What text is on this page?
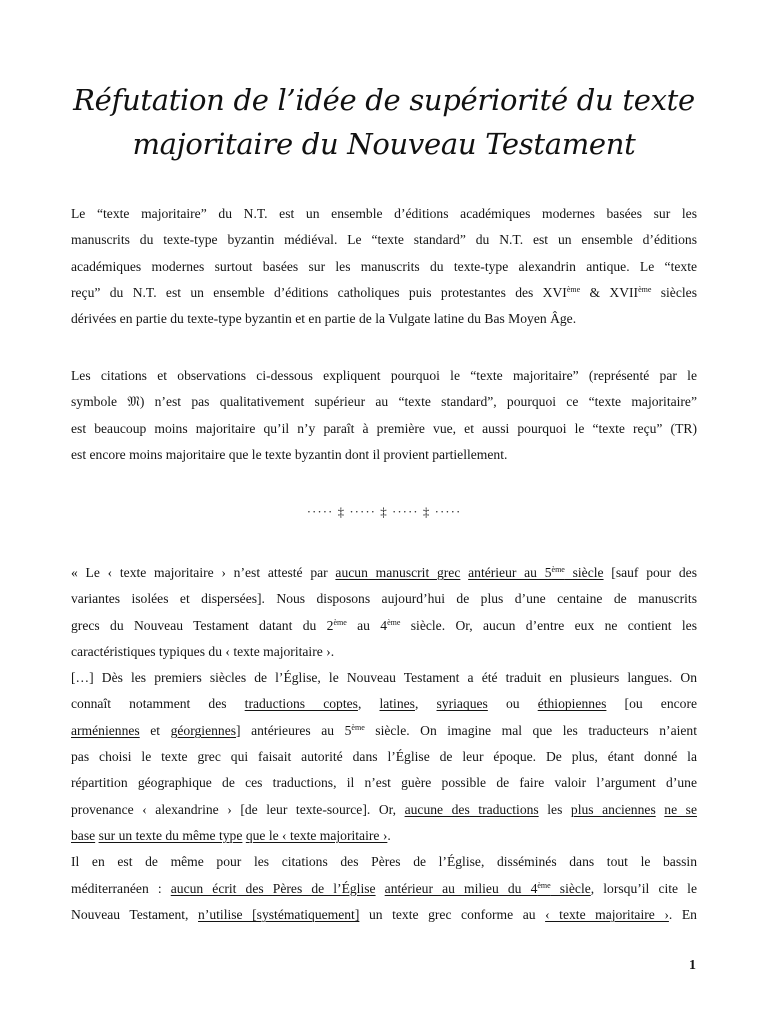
Réfutation de l’idée de supériorité du texte
majoritaire du Nouveau Testament
Le “texte majoritaire” du N.T. est un ensemble d’éditions académiques modernes basées sur les
manuscrits du texte-type byzantin médiéval. Le “texte standard” du N.T. est un ensemble d’éditions
académiques modernes surtout basées sur les manuscrits du texte-type alexandrin antique. Le “texte
reçu” du N.T. est un ensemble d’éditions catholiques puis protestantes des XVIème & XVIIème siècles
dérivées en partie du texte-type byzantin et en partie de la Vulgate latine du Bas Moyen Âge.
Les citations et observations ci-dessous expliquent pourquoi le “texte majoritaire” (représenté par le
symbole 𝔐) n’est pas qualitativement supérieur au “texte standard”, pourquoi ce “texte majoritaire”
est beaucoup moins majoritaire qu’il n’y paraît à première vue, et aussi pourquoi le “texte reçu” (TR)
est encore moins majoritaire que le texte byzantin dont il provient partiellement.
····· ‡ ····· ‡ ····· ‡ ·····
« Le ‹ texte majoritaire › n’est attesté par aucun manuscrit grec antérieur au 5ème siècle [sauf pour des
variantes isolées et dispersées]. Nous disposons aujourd’hui de plus d’une centaine de manuscrits
grecs du Nouveau Testament datant du 2ème au 4ème siècle. Or, aucun d’entre eux ne contient les
caractéristiques typiques du ‹ texte majoritaire ›.
[…] Dès les premiers siècles de l’Église, le Nouveau Testament a été traduit en plusieurs langues. On
connaît notamment des traductions coptes, latines, syriaques ou éthiopiennes [ou encore
arméniennes et géorgiennes] antérieures au 5ème siècle. On imagine mal que les traducteurs n’aient
pas choisi le texte grec qui faisait autorité dans l’Église de leur époque. De plus, étant donné la
répartition géographique de ces traductions, il n’est guère possible de faire valoir l’argument d’une
provenance ‹ alexandrine › [de leur texte-source]. Or, aucune des traductions les plus anciennes ne se
base sur un texte du même type que le ‹ texte majoritaire ›.
Il en est de même pour les citations des Pères de l’Église, disséminés dans tout le bassin
méditerranéen : aucun écrit des Pères de l’Église antérieur au milieu du 4ème siècle, lorsqu’il cite le
Nouveau Testament, n’utilise [systématiquement] un texte grec conforme au ‹ texte majoritaire ›. En
1
